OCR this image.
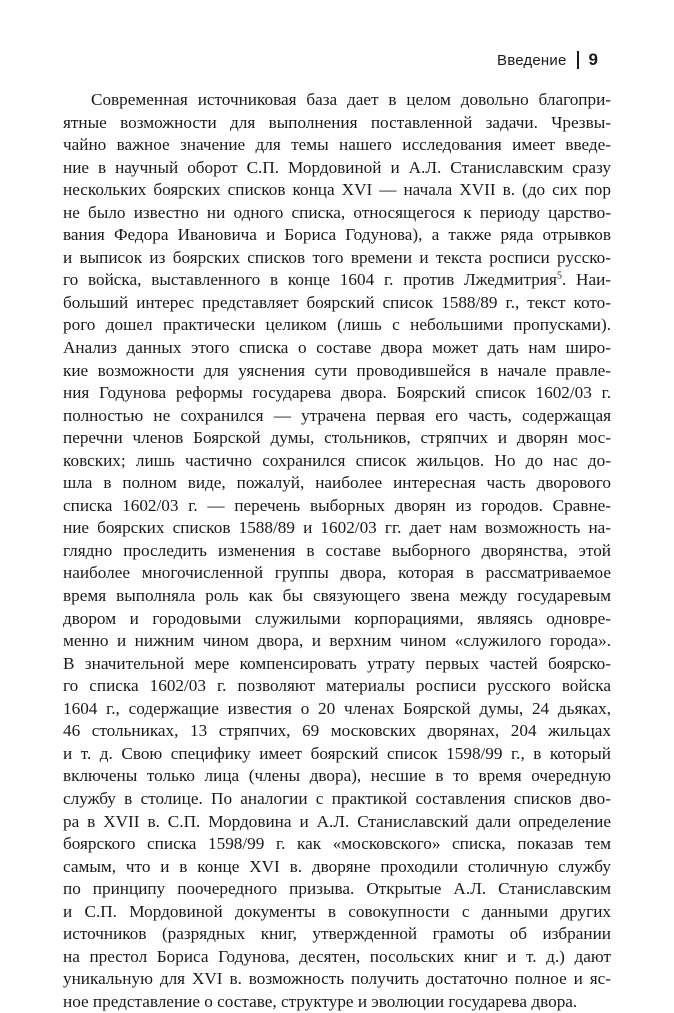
Введение 9
Современная источниковая база дает в целом довольно благопри-
ятные возможности для выполнения поставленной задачи. Чрезвы-
чайно важное значение для темы нашего исследования имеет введе-
ние в научный оборот С.П. Мордовиной и А.Л. Станиславским сразу
нескольких боярских списков конца XVI — начала XVII в. (до сих пор
не было известно ни одного списка, относящегося к периоду царство-
вания Федора Ивановича и Бориса Годунова), а также ряда отрывков
и выписок из боярских списков того времени и текста росписи русско-
го войска, выставленного в конце 1604 г. против Лжедмитрия$^5$. Наи-
больший интерес представляет боярский список 1588/89 г., текст кото-
рого дошел практически целиком (лишь с небольшими пропусками).
Анализ данных этого списка о составе двора может дать нам широ-
кие возможности для уяснения сути проводившейся в начале правле-
ния Годунова реформы государева двора. Боярский список 1602/03 г.
полностью не сохранился — утрачена первая его часть, содержащая
перечни членов Боярской думы, стольников, стряпчих и дворян мос-
ковских; лишь частично сохранился список жильцов. Но до нас до-
шла в полном виде, пожалуй, наиболее интересная часть дворового
списка 1602/03 г. — перечень выборных дворян из городов. Сравне-
ние боярских списков 1588/89 и 1602/03 гг. дает нам возможность на-
глядно проследить изменения в составе выборного дворянства, этой
наиболее многочисленной группы двора, которая в рассматриваемое
время выполняла роль как бы связующего звена между государевым
двором и городовыми служилыми корпорациями, являясь одновре-
менно и нижним чином двора, и верхним чином «служилого города».
В значительной мере компенсировать утрату первых частей боярско-
го списка 1602/03 г. позволяют материалы росписи русского войска
1604 г., содержащие известия о 20 членах Боярской думы, 24 дьяках,
46 стольниках, 13 стряпчих, 69 московских дворянах, 204 жильцах
и т. д. Свою специфику имеет боярский список 1598/99 г., в который
включены только лица (члены двора), несшие в то время очередную
службу в столице. По аналогии с практикой составления списков дво-
ра в XVII в. С.П. Мордовина и А.Л. Станиславский дали определение
боярского списка 1598/99 г. как «московского» списка, показав тем
самым, что и в конце XVI в. дворяне проходили столичную службу
по принципу поочередного призыва. Открытые А.Л. Станиславским
и С.П. Мордовиной документы в совокупности с данными других
источников (разрядных книг, утвержденной грамоты об избрании
на престол Бориса Годунова, десятен, посольских книг и т. д.) дают
уникальную для XVI в. возможность получить достаточно полное и яс-
ное представление о составе, структуре и эволюции государева двора.
